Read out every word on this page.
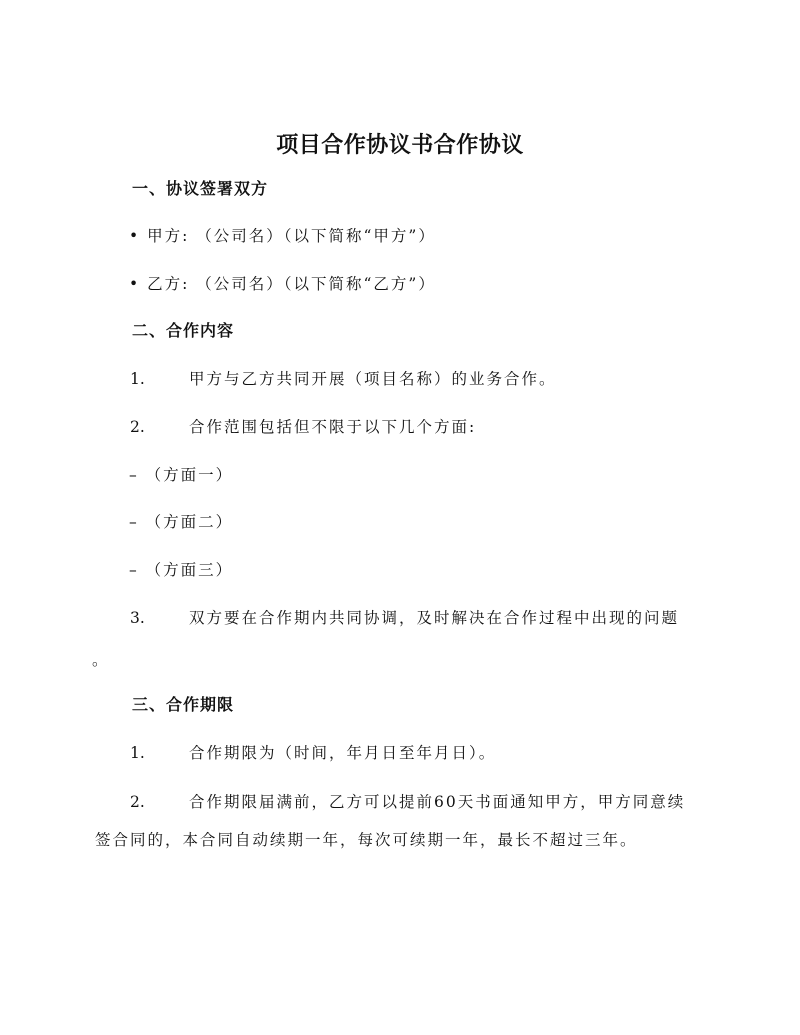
项目合作协议书合作协议
一、协议签署双方
• 甲方: （公司名）（以下简称“甲方”）
• 乙方: （公司名）（以下简称“乙方”）
二、合作内容
1.	甲方与乙方共同开展（项目名称）的业务合作。
2.	合作范围包括但不限于以下几个方面:
– （方面一）
– （方面二）
– （方面三）
3.	双方要在合作期内共同协调，及时解决在合作过程中出现的问题
。
三、合作期限
1.	合作期限为（时间，年月日至年月日）。
2.	合作期限届满前，乙方可以提前60天书面通知甲方，甲方同意续
签合同的，本合同自动续期一年，每次可续期一年，最长不超过三年。
